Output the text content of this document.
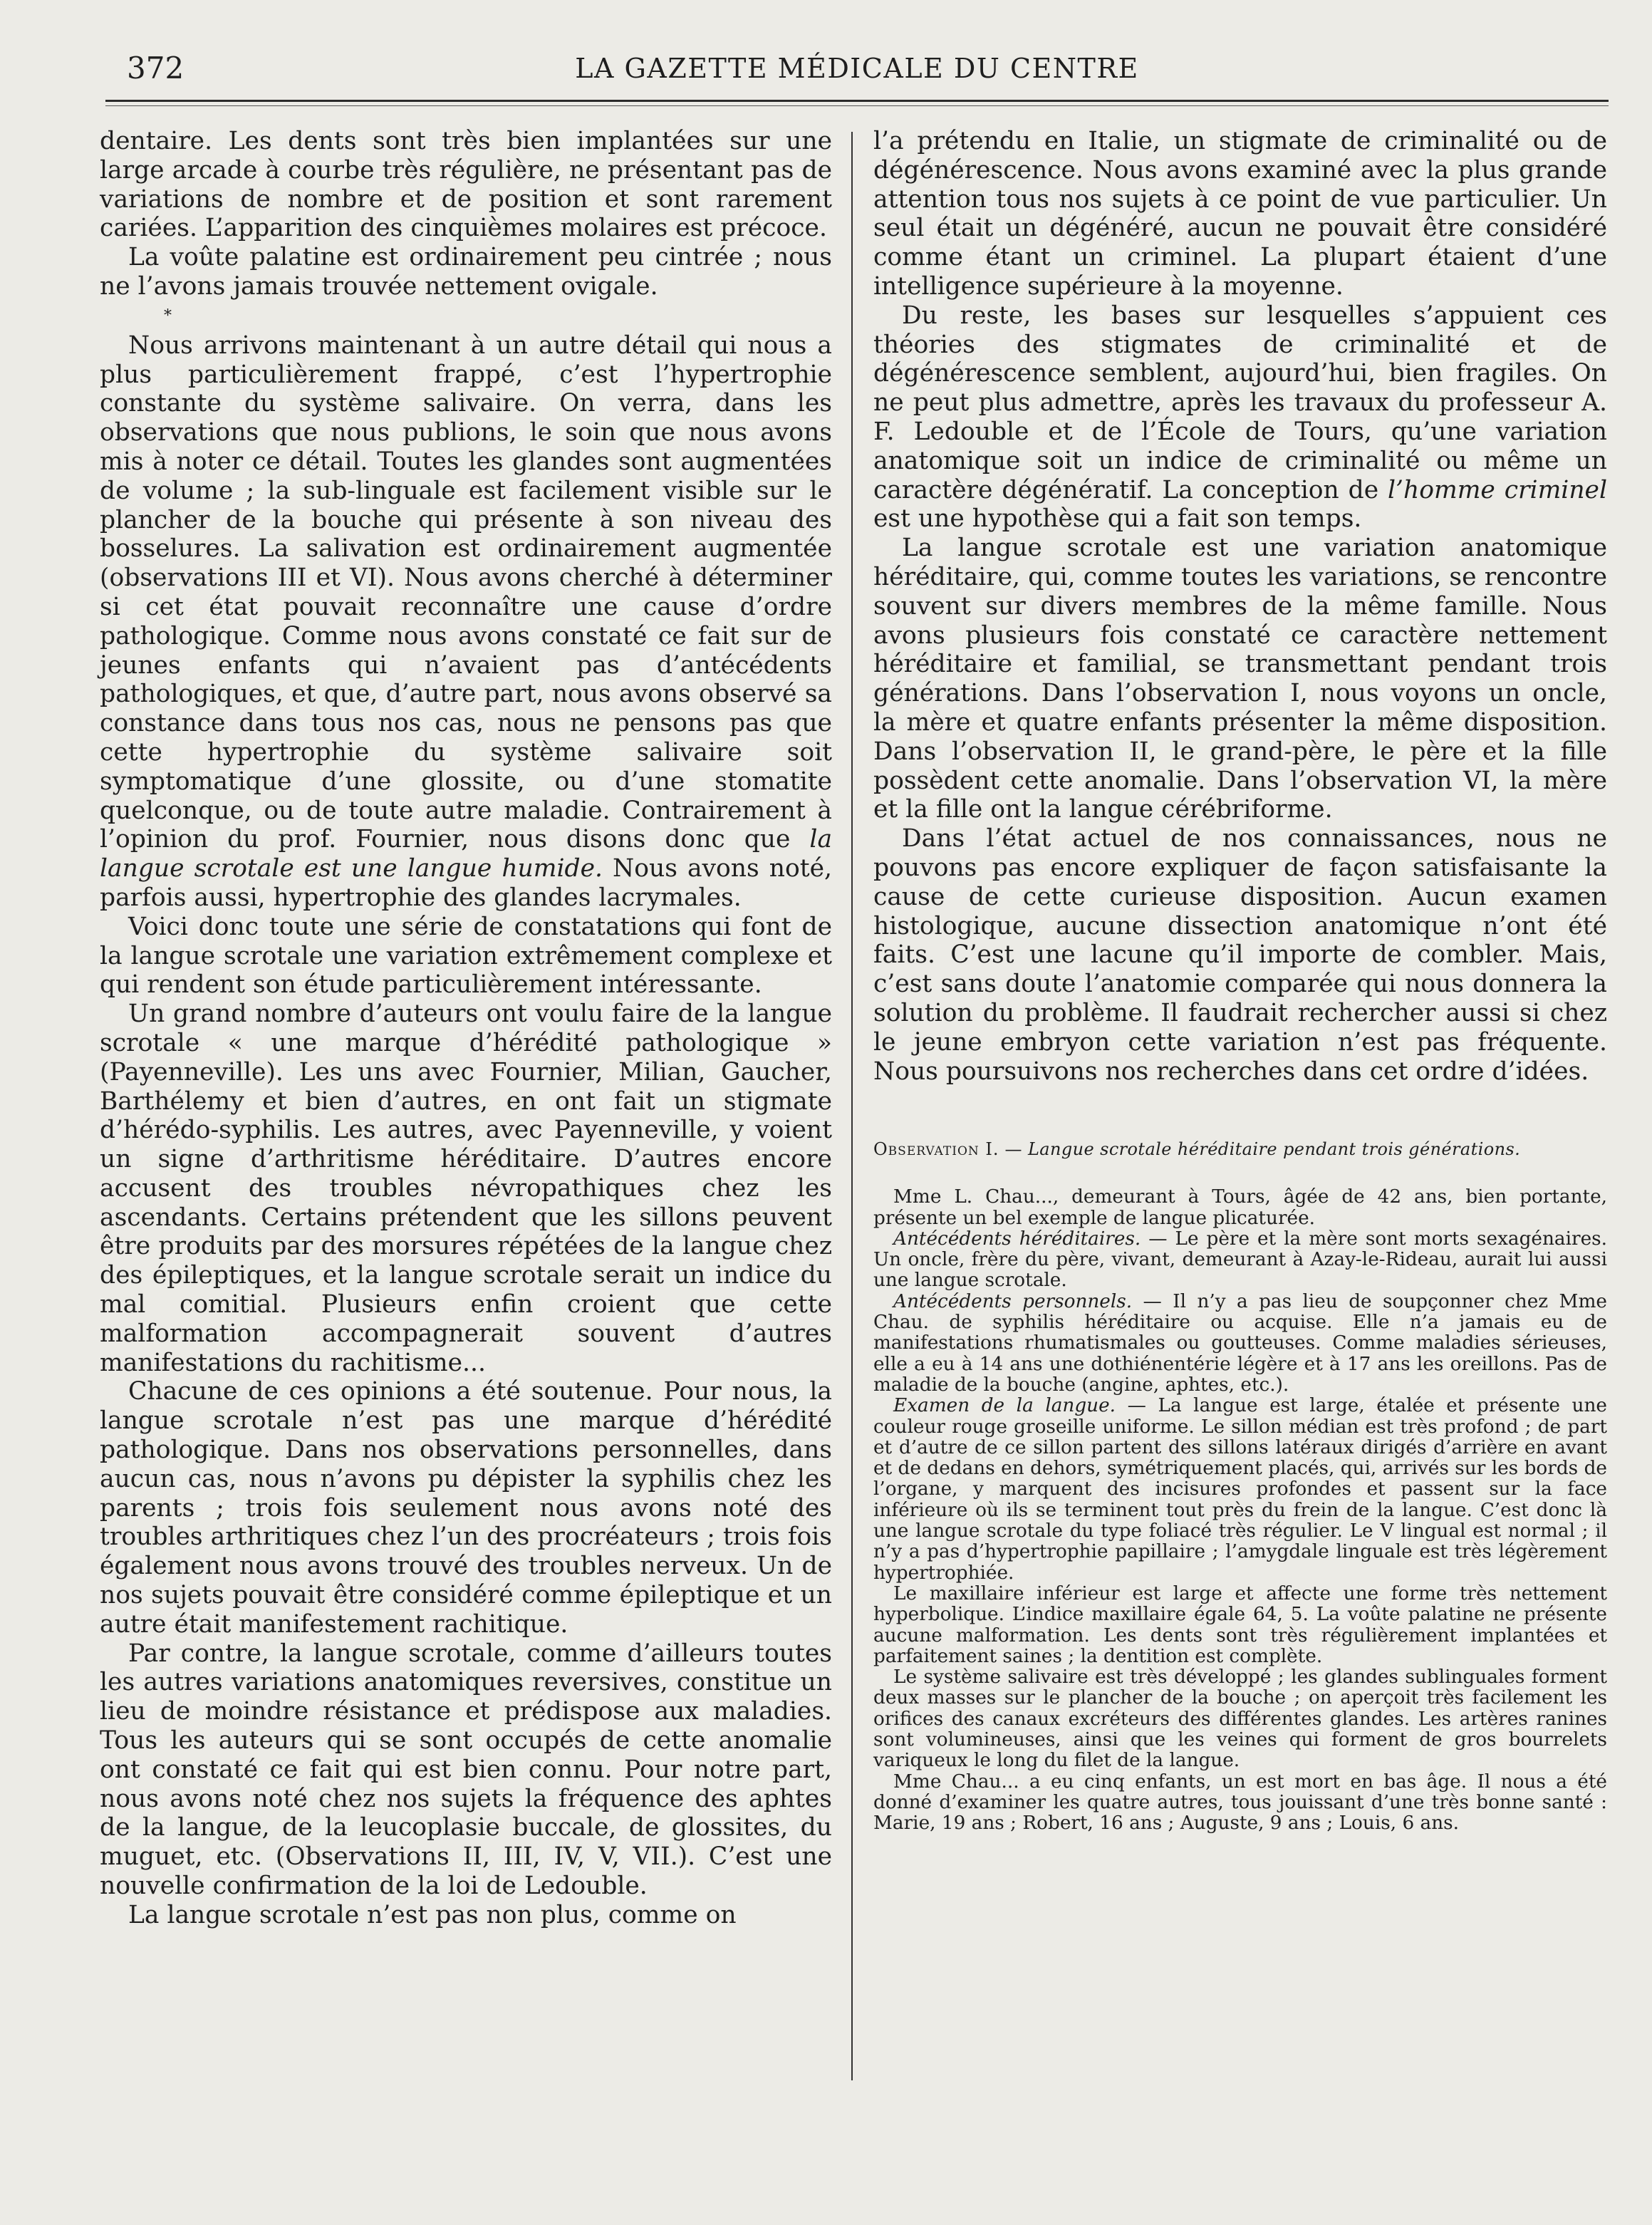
372	LA GAZETTE MÉDICALE DU CENTRE

dentaire. Les dents sont très bien implantées sur une large arcade à courbe très régulière, ne présentant pas de variations de nombre et de position et sont rarement cariées. L’apparition des cinquièmes molaires est précoce.

La voûte palatine est ordinairement peu cintrée ; nous ne l’avons jamais trouvée nettement ovigale.

*

Nous arrivons maintenant à un autre détail qui nous a plus particulièrement frappé, c’est l’hypertrophie constante du système salivaire. On verra, dans les observations que nous publions, le soin que nous avons mis à noter ce détail. Toutes les glandes sont augmentées de volume ; la sub-linguale est facilement visible sur le plancher de la bouche qui présente à son niveau des bosselures. La salivation est ordinairement augmentée (observations III et VI). Nous avons cherché à déterminer si cet état pouvait reconnaître une cause d’ordre pathologique. Comme nous avons constaté ce fait sur de jeunes enfants qui n’avaient pas d’antécédents pathologiques, et que, d’autre part, nous avons observé sa constance dans tous nos cas, nous ne pensons pas que cette hypertrophie du système salivaire soit symptomatique d’une glossite, ou d’une stomatite quelconque, ou de toute autre maladie. Contrairement à l’opinion du prof. Fournier, nous disons donc que la langue scrotale est une langue humide. Nous avons noté, parfois aussi, hypertrophie des glandes lacrymales.

Voici donc toute une série de constatations qui font de la langue scrotale une variation extrêmement complexe et qui rendent son étude particulièrement intéressante.

Un grand nombre d’auteurs ont voulu faire de la langue scrotale « une marque d’hérédité pathologique » (Payenneville). Les uns avec Fournier, Milian, Gaucher, Barthélemy et bien d’autres, en ont fait un stigmate d’hérédo-syphilis. Les autres, avec Payenneville, y voient un signe d’arthritisme héréditaire. D’autres encore accusent des troubles névropathiques chez les ascendants. Certains prétendent que les sillons peuvent être produits par des morsures répétées de la langue chez des épileptiques, et la langue scrotale serait un indice du mal comitial. Plusieurs enfin croient que cette malformation accompagnerait souvent d’autres manifestations du rachitisme...

Chacune de ces opinions a été soutenue. Pour nous, la langue scrotale n’est pas une marque d’hérédité pathologique. Dans nos observations personnelles, dans aucun cas, nous n’avons pu dépister la syphilis chez les parents ; trois fois seulement nous avons noté des troubles arthritiques chez l’un des procréateurs ; trois fois également nous avons trouvé des troubles nerveux. Un de nos sujets pouvait être considéré comme épileptique et un autre était manifestement rachitique.

Par contre, la langue scrotale, comme d’ailleurs toutes les autres variations anatomiques reversives, constitue un lieu de moindre résistance et prédispose aux maladies. Tous les auteurs qui se sont occupés de cette anomalie ont constaté ce fait qui est bien connu. Pour notre part, nous avons noté chez nos sujets la fréquence des aphtes de la langue, de la leucoplasie buccale, de glossites, du muguet, etc. (Observations II, III, IV, V, VII.). C’est une nouvelle confirmation de la loi de Ledouble.

La langue scrotale n’est pas non plus, comme on

l’a prétendu en Italie, un stigmate de criminalité ou de dégénérescence. Nous avons examiné avec la plus grande attention tous nos sujets à ce point de vue particulier. Un seul était un dégénéré, aucun ne pouvait être considéré comme étant un criminel. La plupart étaient d’une intelligence supérieure à la moyenne.

Du reste, les bases sur lesquelles s’appuient ces théories des stigmates de criminalité et de dégénérescence semblent, aujourd’hui, bien fragiles. On ne peut plus admettre, après les travaux du professeur A. F. Ledouble et de l’École de Tours, qu’une variation anatomique soit un indice de criminalité ou même un caractère dégénératif. La conception de l’homme criminel est une hypothèse qui a fait son temps.

La langue scrotale est une variation anatomique héréditaire, qui, comme toutes les variations, se rencontre souvent sur divers membres de la même famille. Nous avons plusieurs fois constaté ce caractère nettement héréditaire et familial, se transmettant pendant trois générations. Dans l’observation I, nous voyons un oncle, la mère et quatre enfants présenter la même disposition. Dans l’observation II, le grand-père, le père et la fille possèdent cette anomalie. Dans l’observation VI, la mère et la fille ont la langue cérébriforme.

Dans l’état actuel de nos connaissances, nous ne pouvons pas encore expliquer de façon satisfaisante la cause de cette curieuse disposition. Aucun examen histologique, aucune dissection anatomique n’ont été faits. C’est une lacune qu’il importe de combler. Mais, c’est sans doute l’anatomie comparée qui nous donnera la solution du problème. Il faudrait rechercher aussi si chez le jeune embryon cette variation n’est pas fréquente. Nous poursuivons nos recherches dans cet ordre d’idées.

Observation I. — Langue scrotale héréditaire pendant trois générations.

Mme L. Chau..., demeurant à Tours, âgée de 42 ans, bien portante, présente un bel exemple de langue plicaturée.

Antécédents héréditaires. — Le père et la mère sont morts sexagénaires. Un oncle, frère du père, vivant, demeurant à Azay-le-Rideau, aurait lui aussi une langue scrotale.

Antécédents personnels. — Il n’y a pas lieu de soupçonner chez Mme Chau. de syphilis héréditaire ou acquise. Elle n’a jamais eu de manifestations rhumatismales ou goutteuses. Comme maladies sérieuses, elle a eu à 14 ans une dothiénentérie légère et à 17 ans les oreillons. Pas de maladie de la bouche (angine, aphtes, etc.).

Examen de la langue. — La langue est large, étalée et présente une couleur rouge groseille uniforme. Le sillon médian est très profond ; de part et d’autre de ce sillon partent des sillons latéraux dirigés d’arrière en avant et de dedans en dehors, symétriquement placés, qui, arrivés sur les bords de l’organe, y marquent des incisures profondes et passent sur la face inférieure où ils se terminent tout près du frein de la langue. C’est donc là une langue scrotale du type foliacé très régulier. Le V lingual est normal ; il n’y a pas d’hypertrophie papillaire ; l’amygdale linguale est très légèrement hypertrophiée.

Le maxillaire inférieur est large et affecte une forme très nettement hyperbolique. L’indice maxillaire égale 64, 5. La voûte palatine ne présente aucune malformation. Les dents sont très régulièrement implantées et parfaitement saines ; la dentition est complète.

Le système salivaire est très développé ; les glandes sublinguales forment deux masses sur le plancher de la bouche ; on aperçoit très facilement les orifices des canaux excréteurs des différentes glandes. Les artères ranines sont volumineuses, ainsi que les veines qui forment de gros bourrelets variqueux le long du filet de la langue.

Mme Chau... a eu cinq enfants, un est mort en bas âge. Il nous a été donné d’examiner les quatre autres, tous jouissant d’une très bonne santé : Marie, 19 ans ; Robert, 16 ans ; Auguste, 9 ans ; Louis, 6 ans.
